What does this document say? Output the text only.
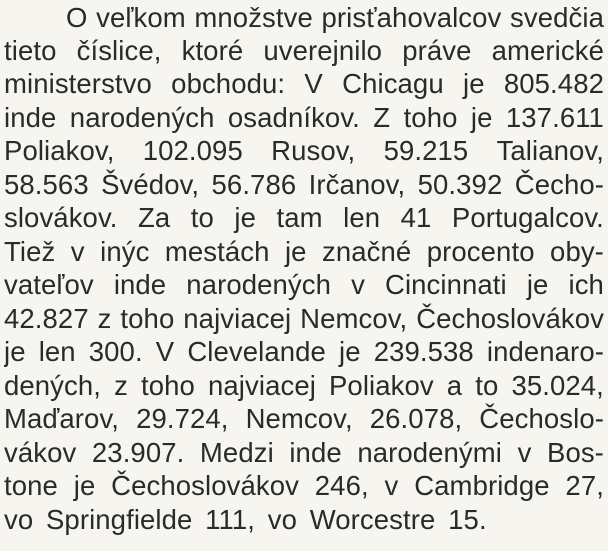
O veľkom množstve prisťahovalcov svedčia
tieto číslice, ktoré uverejnilo práve americké
ministerstvo obchodu: V Chicagu je 805.482
inde narodených osadníkov. Z toho je 137.611
Poliakov, 102.095 Rusov, 59.215 Talianov,
58.563 Švédov, 56.786 Irčanov, 50.392 Čecho-
slovákov. Za to je tam len 41 Portugalcov.
Tiež v inýc mestách je značné procento oby-
vateľov inde narodených v Cincinnati je ich
42.827 z toho najviacej Nemcov, Čechoslovákov
je len 300. V Clevelande je 239.538 indenaro-
dených, z toho najviacej Poliakov a to 35.024,
Maďarov, 29.724, Nemcov, 26.078, Čechoslo-
vákov 23.907. Medzi inde narodenými v Bos-
tone je Čechoslovákov 246, v Cambridge 27,
vo Springfielde 111, vo Worcestre 15.
